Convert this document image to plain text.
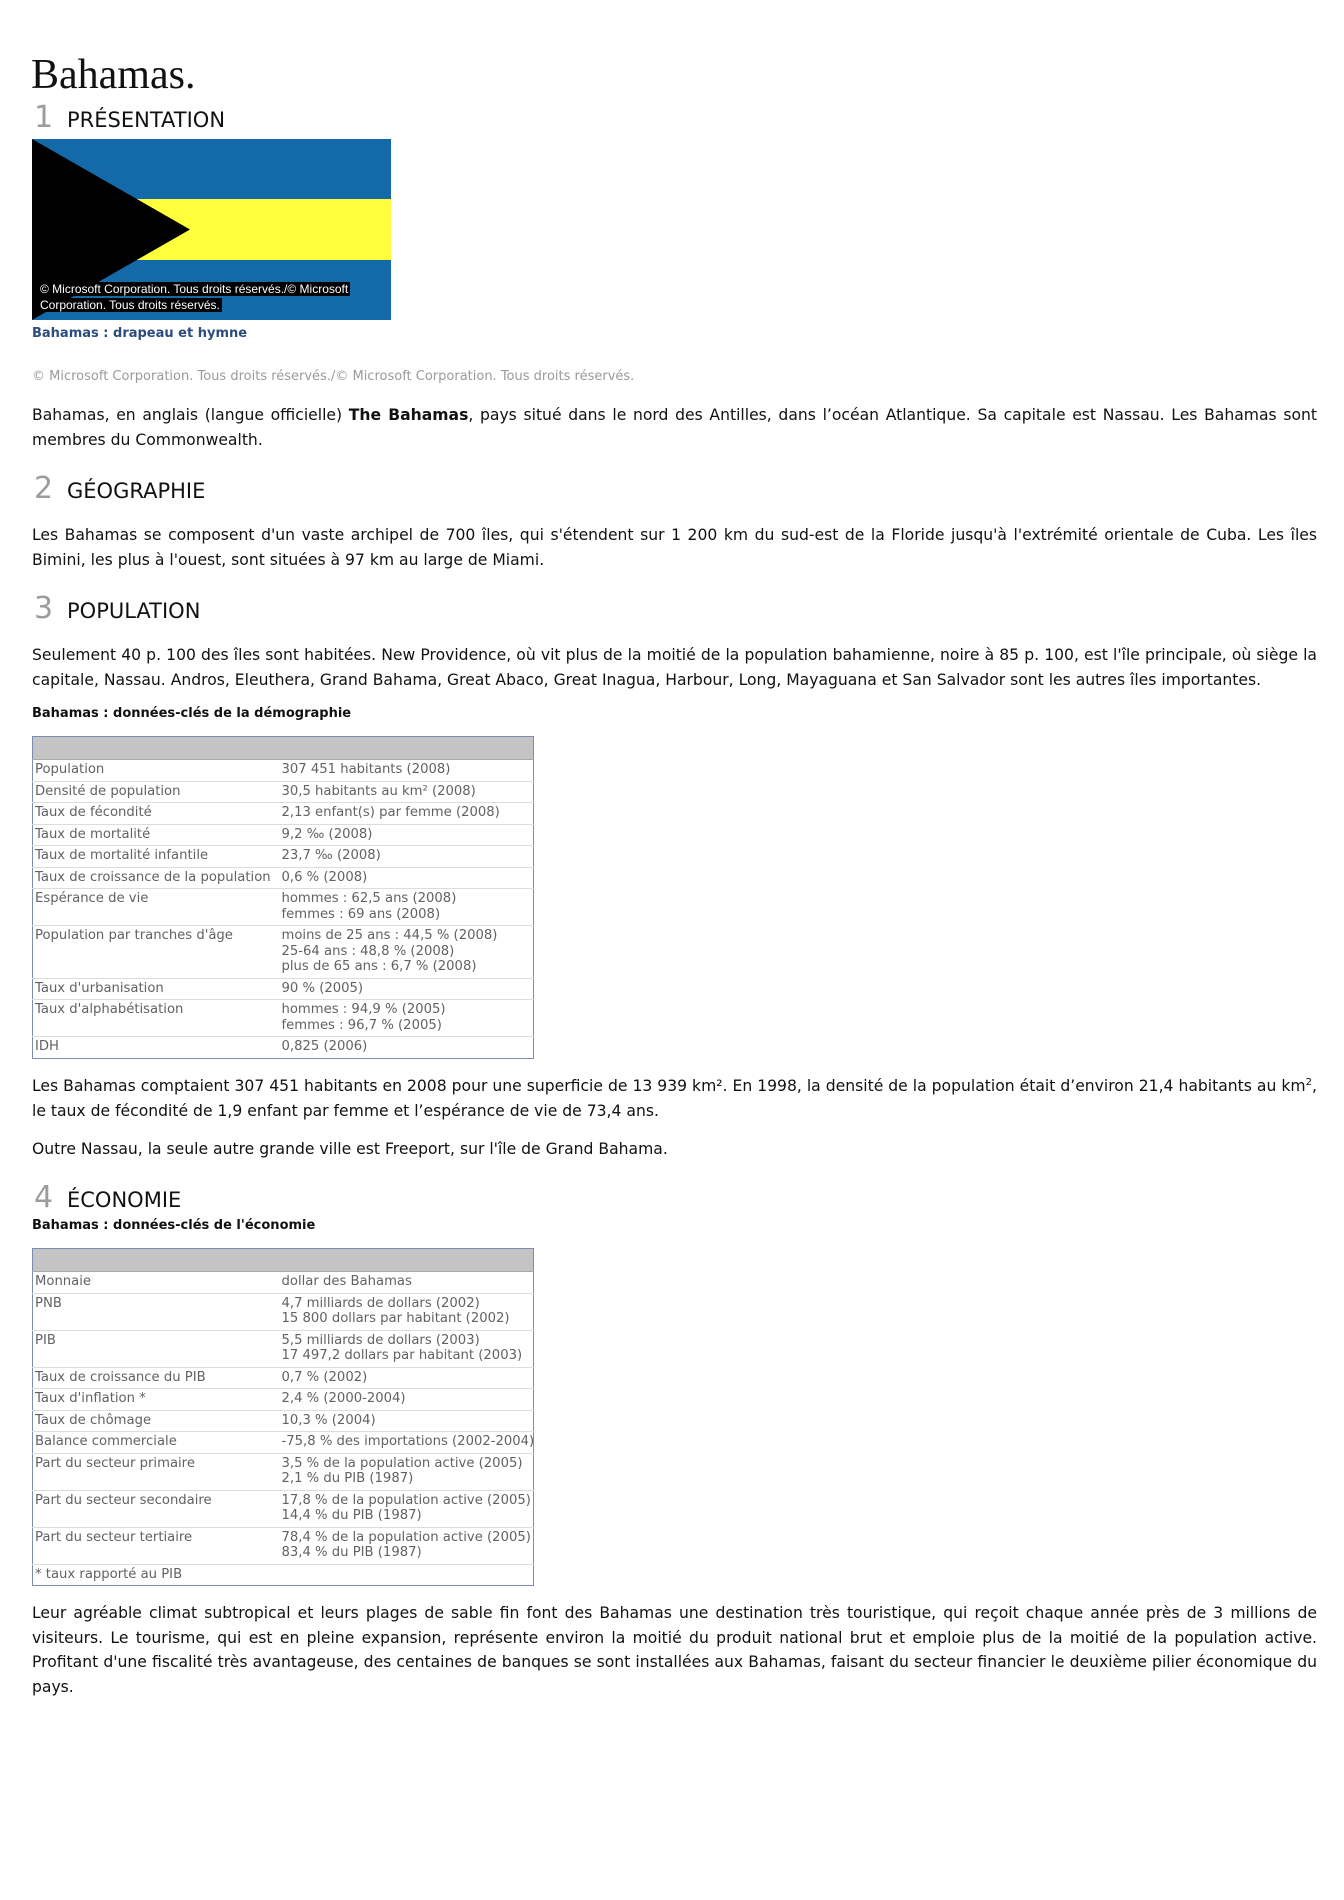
Bahamas.
1 PRÉSENTATION
© Microsoft Corporation. Tous droits réservés./© Microsoft Corporation. Tous droits réservés.
Bahamas : drapeau et hymne
© Microsoft Corporation. Tous droits réservés./© Microsoft Corporation. Tous droits réservés.

Bahamas, en anglais (langue officielle) The Bahamas, pays situé dans le nord des Antilles, dans l’océan Atlantique. Sa capitale est Nassau. Les Bahamas sont membres du Commonwealth.

2 GÉOGRAPHIE

Les Bahamas se composent d'un vaste archipel de 700 îles, qui s'étendent sur 1 200 km du sud-est de la Floride jusqu'à l'extrémité orientale de Cuba. Les îles Bimini, les plus à l'ouest, sont situées à 97 km au large de Miami.

3 POPULATION

Seulement 40 p. 100 des îles sont habitées. New Providence, où vit plus de la moitié de la population bahamienne, noire à 85 p. 100, est l'île principale, où siège la capitale, Nassau. Andros, Eleuthera, Grand Bahama, Great Abaco, Great Inagua, Harbour, Long, Mayaguana et San Salvador sont les autres îles importantes.

Bahamas : données-clés de la démographie

Population	307 451 habitants (2008)

Densité de population	30,5 habitants au km² (2008)

Taux de fécondité	2,13 enfant(s) par femme (2008)

Taux de mortalité	9,2 ‰ (2008)

Taux de mortalité infantile	23,7 ‰ (2008)

Taux de croissance de la population	0,6 % (2008)

Espérance de vie	hommes : 62,5 ans (2008)
femmes : 69 ans (2008)

Population par tranches d'âge	moins de 25 ans : 44,5 % (2008)
25-64 ans : 48,8 % (2008)
plus de 65 ans : 6,7 % (2008)

Taux d'urbanisation	90 % (2005)

Taux d'alphabétisation	hommes : 94,9 % (2005)
femmes : 96,7 % (2005)

IDH	0,825 (2006)

Les Bahamas comptaient 307 451 habitants en 2008 pour une superficie de 13 939 km². En 1998, la densité de la population était d’environ 21,4 habitants au $km^2$, le taux de fécondité de 1,9 enfant par femme et l’espérance de vie de 73,4 ans.

Outre Nassau, la seule autre grande ville est Freeport, sur l'île de Grand Bahama.

4 ÉCONOMIE
Bahamas : données-clés de l'économie

Monnaie	dollar des Bahamas

PNB	4,7 milliards de dollars (2002)
15 800 dollars par habitant (2002)

PIB	5,5 milliards de dollars (2003)
17 497,2 dollars par habitant (2003)

Taux de croissance du PIB	0,7 % (2002)

Taux d'inflation *	2,4 % (2000-2004)

Taux de chômage	10,3 % (2004)

Balance commerciale	-75,8 % des importations (2002-2004)

Part du secteur primaire	3,5 % de la population active (2005)
2,1 % du PIB (1987)

Part du secteur secondaire	17,8 % de la population active (2005)
14,4 % du PIB (1987)

Part du secteur tertiaire	78,4 % de la population active (2005)
83,4 % du PIB (1987)

* taux rapporté au PIB	

Leur agréable climat subtropical et leurs plages de sable fin font des Bahamas une destination très touristique, qui reçoit chaque année près de 3 millions de visiteurs. Le tourisme, qui est en pleine expansion, représente environ la moitié du produit national brut et emploie plus de la moitié de la population active. Profitant d'une fiscalité très avantageuse, des centaines de banques se sont installées aux Bahamas, faisant du secteur financier le deuxième pilier économique du pays.
